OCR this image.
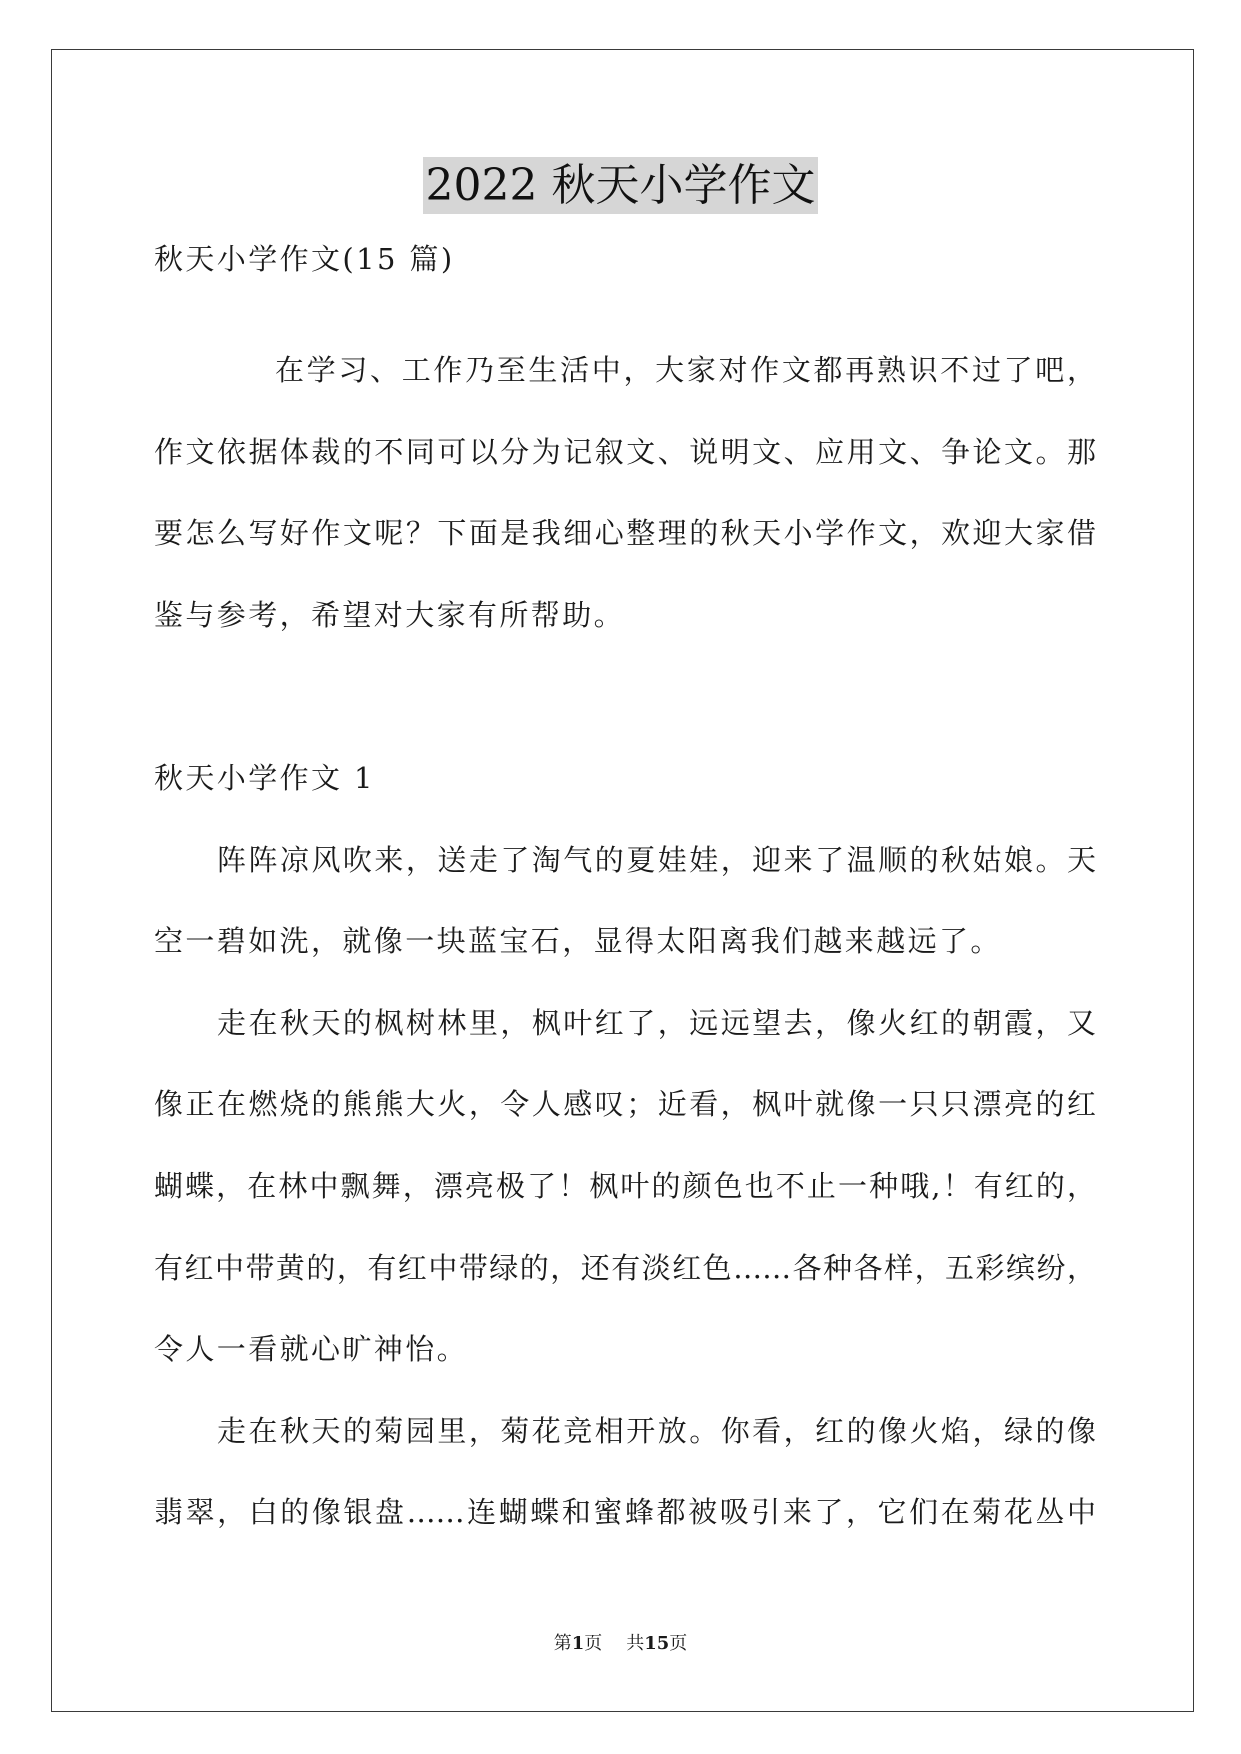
2022 秋天小学作文
秋天小学作文(15 篇)
在学习、工作乃至生活中，大家对作文都再熟识不过了吧，
作文依据体裁的不同可以分为记叙文、说明文、应用文、争论文。那
要怎么写好作文呢？下面是我细心整理的秋天小学作文，欢迎大家借
鉴与参考，希望对大家有所帮助。
秋天小学作文 1
阵阵凉风吹来，送走了淘气的夏娃娃，迎来了温顺的秋姑娘。天
空一碧如洗，就像一块蓝宝石，显得太阳离我们越来越远了。
走在秋天的枫树林里，枫叶红了，远远望去，像火红的朝霞，又
像正在燃烧的熊熊大火，令人感叹；近看，枫叶就像一只只漂亮的红
蝴蝶，在林中飘舞，漂亮极了！枫叶的颜色也不止一种哦,！有红的，
有红中带黄的，有红中带绿的，还有淡红色……各种各样，五彩缤纷，
令人一看就心旷神怡。
走在秋天的菊园里，菊花竞相开放。你看，红的像火焰，绿的像
翡翠，白的像银盘……连蝴蝶和蜜蜂都被吸引来了，它们在菊花丛中
第1页 共15页
